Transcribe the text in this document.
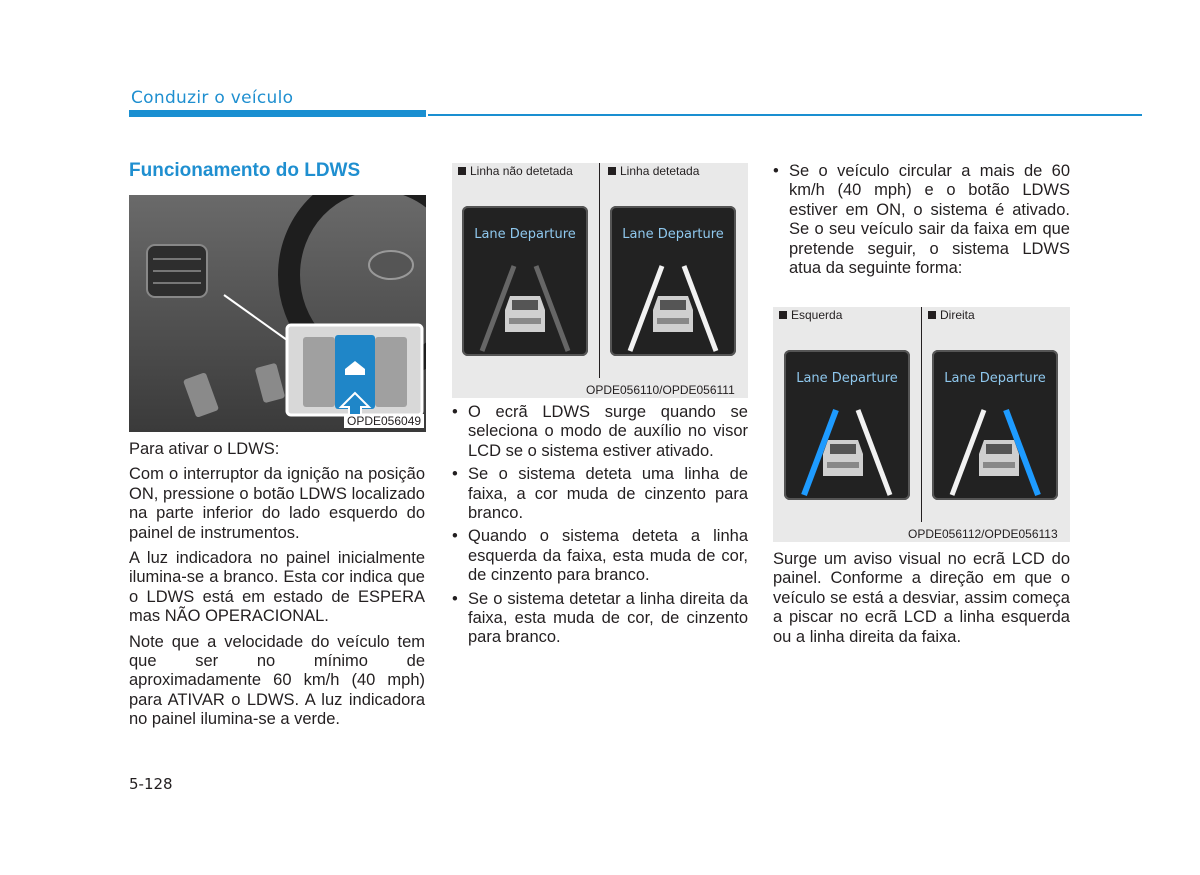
Conduzir o veículo
Funcionamento do LDWS
OPDE056049

Para ativar o LDWS:

Com o interruptor da ignição na posição ON, pressione o botão LDWS localizado na parte inferior do lado esquerdo do painel de instrumentos.

A luz indicadora no painel inicialmente ilumina-se a branco. Esta cor indica que o LDWS está em estado de ESPERA mas NÃO OPERACIONAL.

Note que a velocidade do veículo tem que ser no mínimo de aproximadamente 60 km/h (40 mph) para ATIVAR o LDWS. A luz indicadora no painel ilumina-se a verde.

Linha não detetada	Linha detetada
Lane Departure	Lane Departure
OPDE056110/OPDE056111
• O ecrã LDWS surge quando se seleciona o modo de auxílio no visor LCD se o sistema estiver ativado.
• Se o sistema deteta uma linha de faixa, a cor muda de cinzento para branco.
• Quando o sistema deteta a linha esquerda da faixa, esta muda de cor, de cinzento para branco.
• Se o sistema detetar a linha direita da faixa, esta muda de cor, de cinzento para branco.
• Se o veículo circular a mais de 60 km/h (40 mph) e o botão LDWS estiver em ON, o sistema é ativado. Se o seu veículo sair da faixa em que pretende seguir, o sistema LDWS atua da seguinte forma:
Esquerda	Direita
Lane Departure	Lane Departure
OPDE056112/OPDE056113

Surge um aviso visual no ecrã LCD do painel. Conforme a direção em que o veículo se está a desviar, assim começa a piscar no ecrã LCD a linha esquerda ou a linha direita da faixa.

5-128
